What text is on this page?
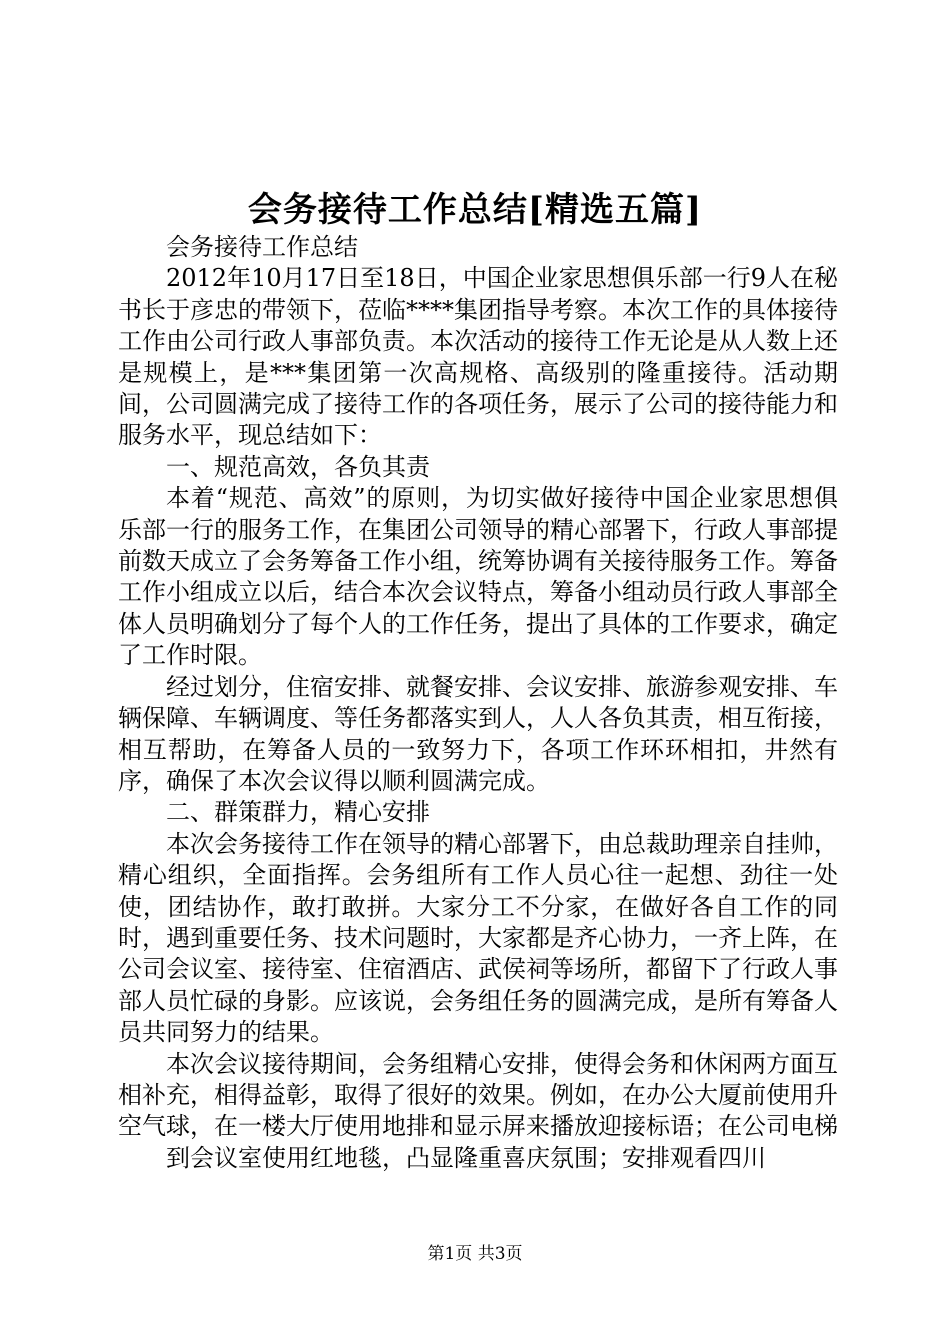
会务接待工作总结[精选五篇]

会务接待工作总结

2012年10月17日至18日，中国企业家思想俱乐部一行9人在秘书长于彦忠的带领下，莅临****集团指导考察。本次工作的具体接待工作由公司行政人事部负责。本次活动的接待工作无论是从人数上还是规模上，是***集团第一次高规格、高级别的隆重接待。活动期间，公司圆满完成了接待工作的各项任务，展示了公司的接待能力和服务水平，现总结如下：

一、规范高效，各负其责

本着“规范、高效”的原则，为切实做好接待中国企业家思想俱乐部一行的服务工作，在集团公司领导的精心部署下，行政人事部提前数天成立了会务筹备工作小组，统筹协调有关接待服务工作。筹备工作小组成立以后，结合本次会议特点，筹备小组动员行政人事部全体人员明确划分了每个人的工作任务，提出了具体的工作要求，确定了工作时限。

经过划分，住宿安排、就餐安排、会议安排、旅游参观安排、车辆保障、车辆调度、等任务都落实到人，人人各负其责，相互衔接，相互帮助，在筹备人员的一致努力下，各项工作环环相扣，井然有序，确保了本次会议得以顺利圆满完成。

二、群策群力，精心安排

本次会务接待工作在领导的精心部署下，由总裁助理亲自挂帅，精心组织，全面指挥。会务组所有工作人员心往一起想、劲往一处使，团结协作，敢打敢拼。大家分工不分家，在做好各自工作的同时，遇到重要任务、技术问题时，大家都是齐心协力，一齐上阵，在公司会议室、接待室、住宿酒店、武侯祠等场所，都留下了行政人事部人员忙碌的身影。应该说，会务组任务的圆满完成，是所有筹备人员共同努力的结果。

本次会议接待期间，会务组精心安排，使得会务和休闲两方面互相补充，相得益彰，取得了很好的效果。例如，在办公大厦前使用升空气球，在一楼大厅使用地排和显示屏来播放迎接标语；在公司电梯

到会议室使用红地毯，凸显隆重喜庆氛围；安排观看四川

第1页 共3页
